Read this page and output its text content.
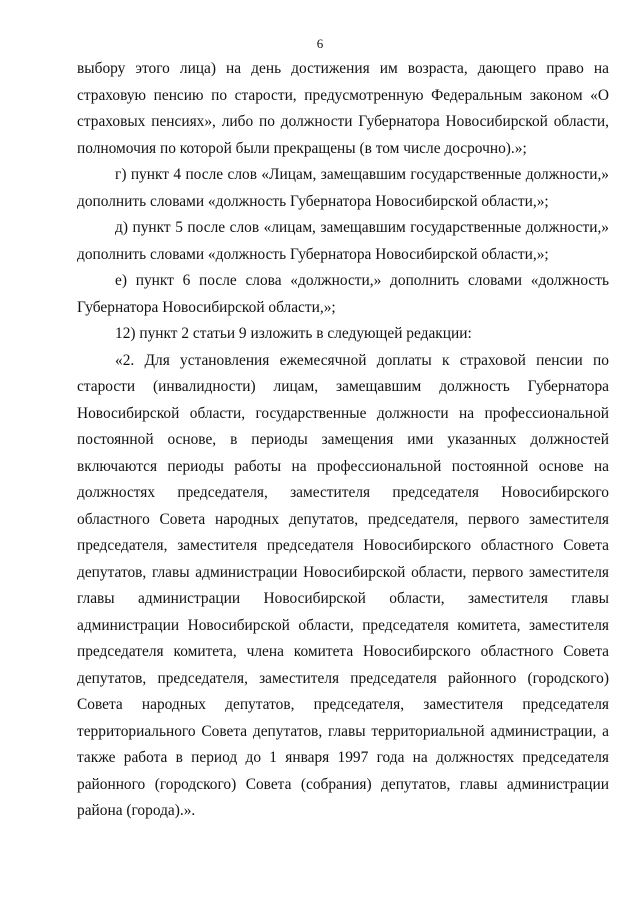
6

выбору этого лица) на день достижения им возраста, дающего право на страховую пенсию по старости, предусмотренную Федеральным законом «О страховых пенсиях», либо по должности Губернатора Новосибирской области, полномочия по которой были прекращены (в том числе досрочно).»;

г) пункт 4 после слов «Лицам, замещавшим государственные должности,» дополнить словами «должность Губернатора Новосибирской области,»;

д) пункт 5 после слов «лицам, замещавшим государственные должности,» дополнить словами «должность Губернатора Новосибирской области,»;

е) пункт 6 после слова «должности,» дополнить словами «должность Губернатора Новосибирской области,»;

12) пункт 2 статьи 9 изложить в следующей редакции:

«2. Для установления ежемесячной доплаты к страховой пенсии по старости (инвалидности) лицам, замещавшим должность Губернатора Новосибирской области, государственные должности на профессиональной постоянной основе, в периоды замещения ими указанных должностей включаются периоды работы на профессиональной постоянной основе на должностях председателя, заместителя председателя Новосибирского областного Совета народных депутатов, председателя, первого заместителя председателя, заместителя председателя Новосибирского областного Совета депутатов, главы администрации Новосибирской области, первого заместителя главы администрации Новосибирской области, заместителя главы администрации Новосибирской области, председателя комитета, заместителя председателя комитета, члена комитета Новосибирского областного Совета депутатов, председателя, заместителя председателя районного (городского) Совета народных депутатов, председателя, заместителя председателя территориального Совета депутатов, главы территориальной администрации, а также работа в период до 1 января 1997 года на должностях председателя районного (городского) Совета (собрания) депутатов, главы администрации района (города).».
